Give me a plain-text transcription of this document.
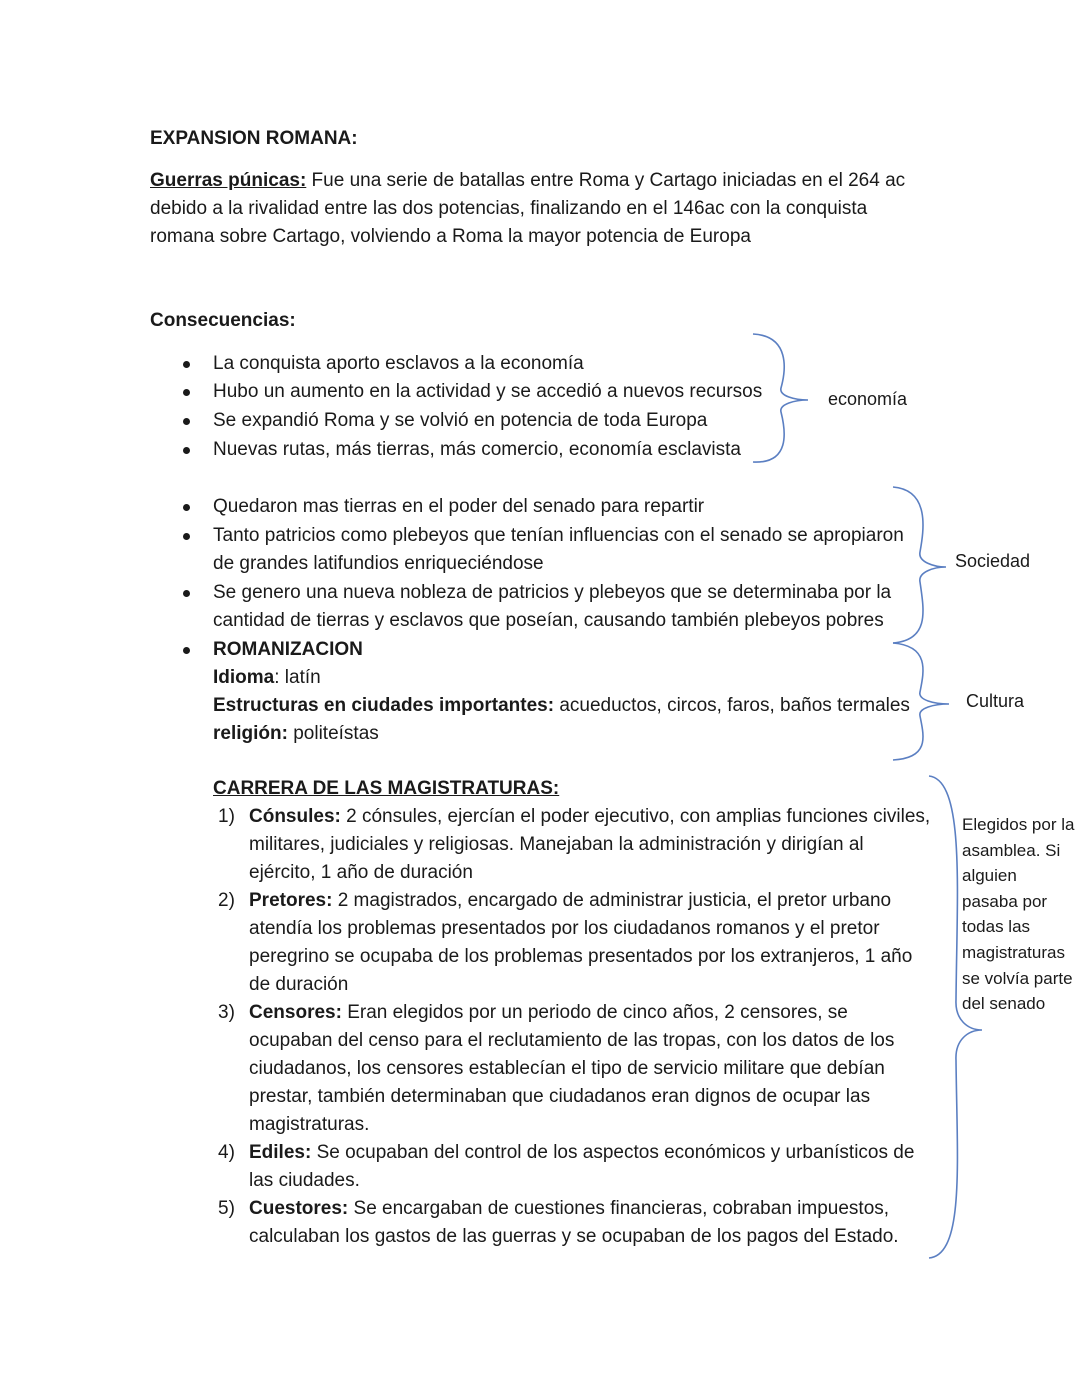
EXPANSION ROMANA:
Guerras púnicas: Fue una serie de batallas entre Roma y Cartago iniciadas en el 264 ac
debido a la rivalidad entre las dos potencias, finalizando en el 146ac con la conquista
romana sobre Cartago, volviendo a Roma la mayor potencia de Europa
Consecuencias:
La conquista aporto esclavos a la economía
Hubo un aumento en la actividad y se accedió a nuevos recursos
Se expandió Roma y se volvió en potencia de toda Europa
Nuevas rutas, más tierras, más comercio, economía esclavista
economía
Quedaron mas tierras en el poder del senado para repartir
Tanto patricios como plebeyos que tenían influencias con el senado se apropiaron
de grandes latifundios enriqueciéndose
Se genero una nueva nobleza de patricios y plebeyos que se determinaba por la
cantidad de tierras y esclavos que poseían, causando también plebeyos pobres
Sociedad
ROMANIZACION
Idioma: latín
Estructuras en ciudades importantes: acueductos, circos, faros, baños termales
religión: politeístas
Cultura
CARRERA DE LAS MAGISTRATURAS:
1) Cónsules: 2 cónsules, ejercían el poder ejecutivo, con amplias funciones civiles,
militares, judiciales y religiosas. Manejaban la administración y dirigían al
ejército, 1 año de duración
2) Pretores: 2 magistrados, encargado de administrar justicia, el pretor urbano
atendía los problemas presentados por los ciudadanos romanos y el pretor
peregrino se ocupaba de los problemas presentados por los extranjeros, 1 año
de duración
3) Censores: Eran elegidos por un periodo de cinco años, 2 censores, se
ocupaban del censo para el reclutamiento de las tropas, con los datos de los
ciudadanos, los censores establecían el tipo de servicio militare que debían
prestar, también determinaban que ciudadanos eran dignos de ocupar las
magistraturas.
4) Ediles: Se ocupaban del control de los aspectos económicos y urbanísticos de
las ciudades.
5) Cuestores: Se encargaban de cuestiones financieras, cobraban impuestos,
calculaban los gastos de las guerras y se ocupaban de los pagos del Estado.
Elegidos por la
asamblea. Si
alguien
pasaba por
todas las
magistraturas
se volvía parte
del senado
